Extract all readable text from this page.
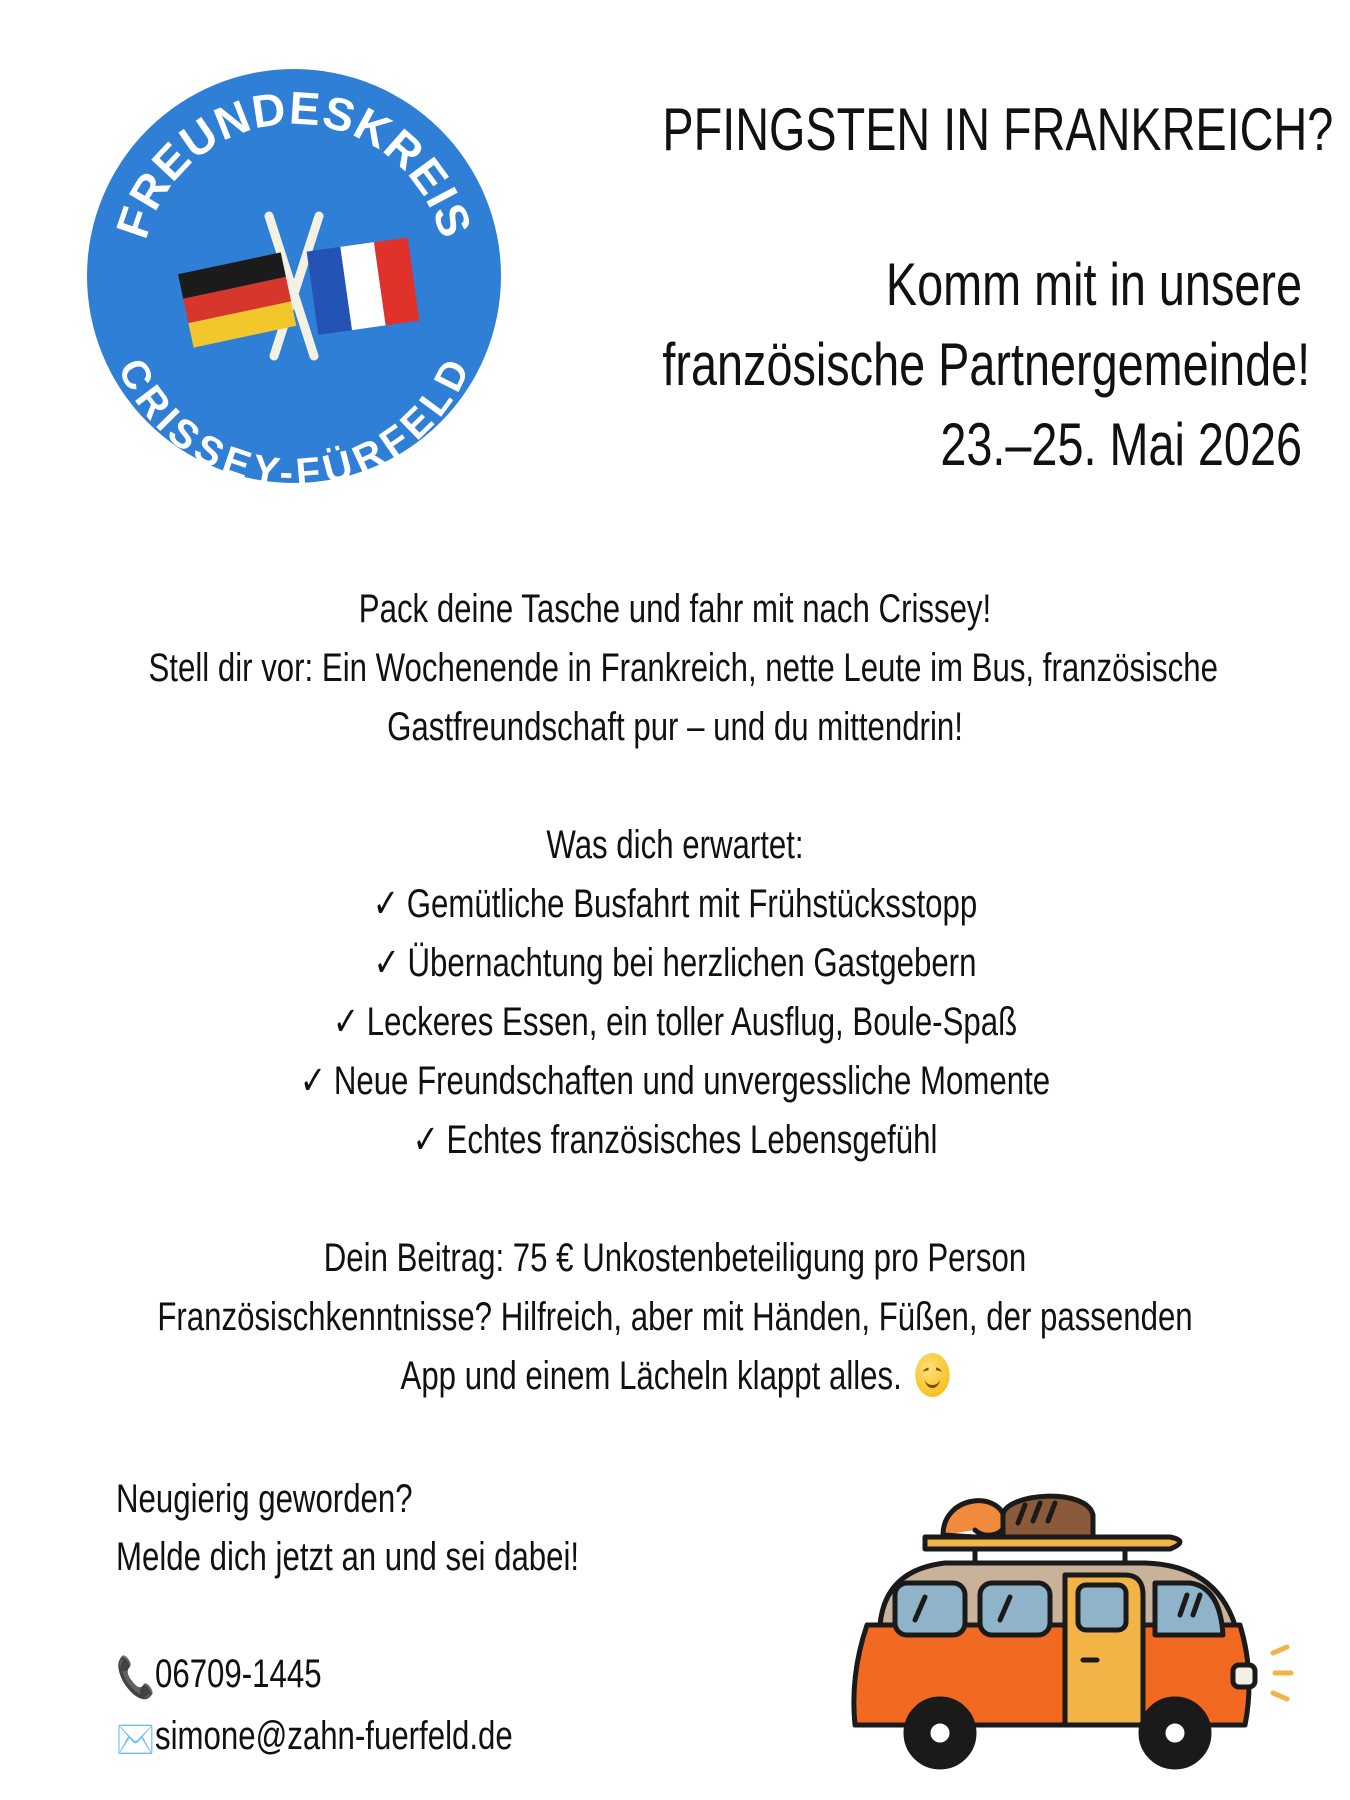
FREUNDESKREIS
CRISSEY-FÜRFELD
PFINGSTEN IN FRANKREICH?
Komm mit in unsere
französische Partnergemeinde!
23.–25. Mai 2026
Pack deine Tasche und fahr mit nach Crissey!
Stell dir vor: Ein Wochenende in Frankreich, nette Leute im Bus, französische
Gastfreundschaft pur – und du mittendrin!
Was dich erwartet:
✓ Gemütliche Busfahrt mit Frühstücksstopp
✓ Übernachtung bei herzlichen Gastgebern
✓ Leckeres Essen, ein toller Ausflug, Boule-Spaß
✓ Neue Freundschaften und unvergessliche Momente
✓ Echtes französisches Lebensgefühl
Dein Beitrag: 75 € Unkostenbeteiligung pro Person
Französischkenntnisse? Hilfreich, aber mit Händen, Füßen, der passenden
App und einem Lächeln klappt alles.
Neugierig geworden?
Melde dich jetzt an und sei dabei!
📞06709-1445
✉️simone@zahn-fuerfeld.de
